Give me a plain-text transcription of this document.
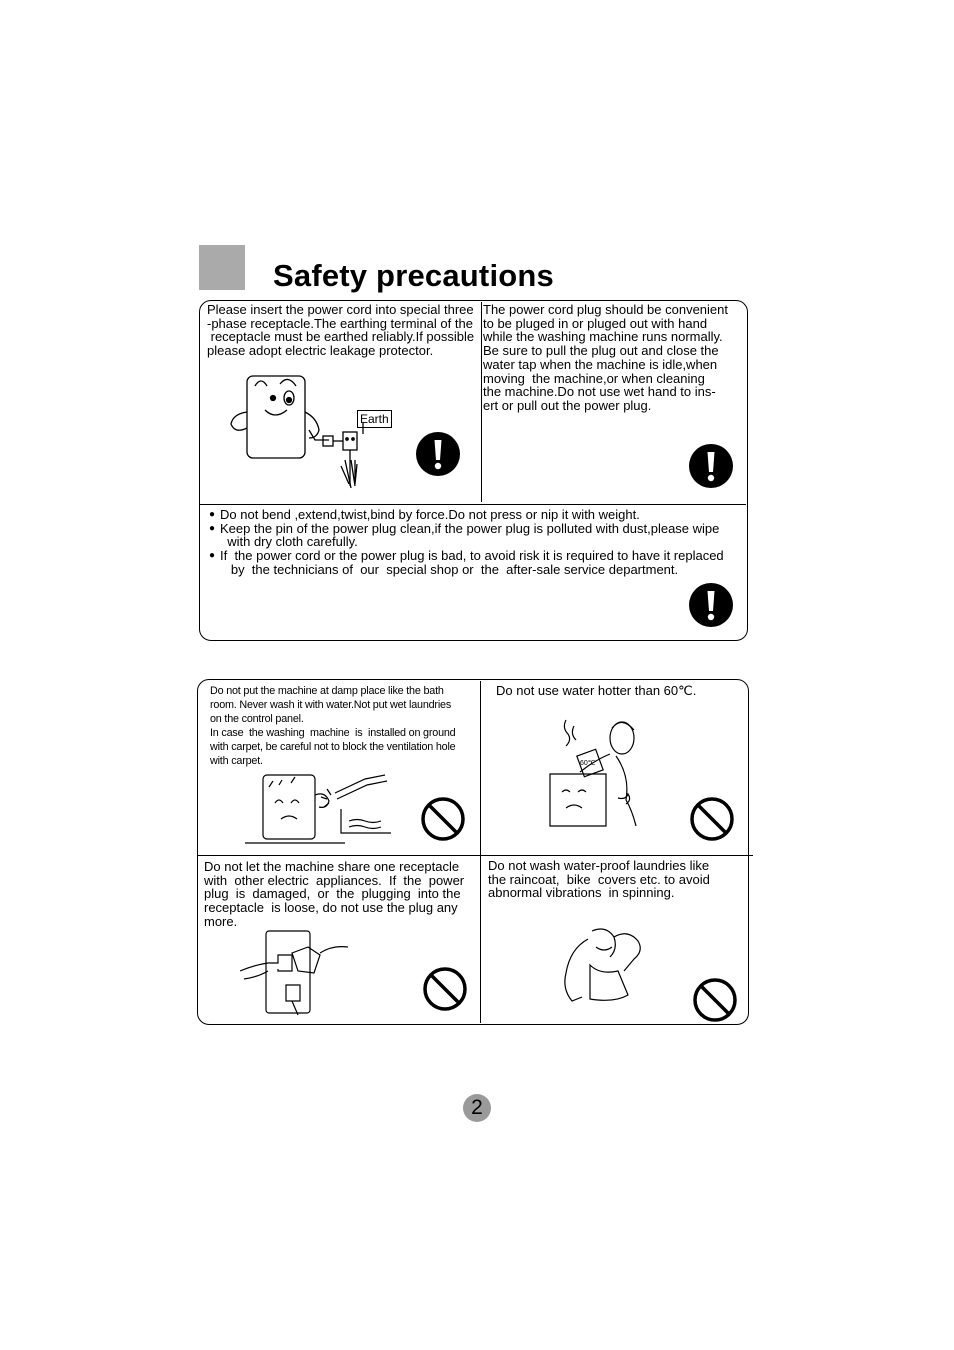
Safety precautions

Please insert the power cord into special three
-phase receptacle.The earthing terminal of the
receptacle must be earthed reliably.If possible
please adopt electric leakage protector.

The power cord plug should be convenient
to be pluged in or pluged out with hand
while the washing machine runs normally.
Be sure to pull the plug out and close the
water tap when the machine is idle,when
moving  the machine,or when cleaning
the machine.Do not use wet hand to ins-
ert or pull out the power plug.

Earth
● Do not bend ,extend,twist,bind by force.Do not press or nip it with weight.

● Keep the pin of the power plug clean,if the power plug is polluted with dust,please wipe
with dry cloth carefully.

● If  the power cord or the power plug is bad, to avoid risk it is required to have it replaced
by  the technicians of  our  special shop or  the  after-sale service department.

Do not put the machine at damp place like the bath
room. Never wash it with water.Not put wet laundries
on the control panel.
In case  the washing  machine  is  installed on ground
with carpet, be careful not to block the ventilation hole
with carpet.

Do not use water hotter than 60℃.

Do not let the machine share one receptacle
with  other electric  appliances.  If  the  power
plug  is  damaged,  or  the  plugging  into the
receptacle  is loose, do not use the plug any
more.

Do not wash water-proof laundries like
the raincoat,  bike  covers etc. to avoid
abnormal vibrations  in spinning.

60℃
2
